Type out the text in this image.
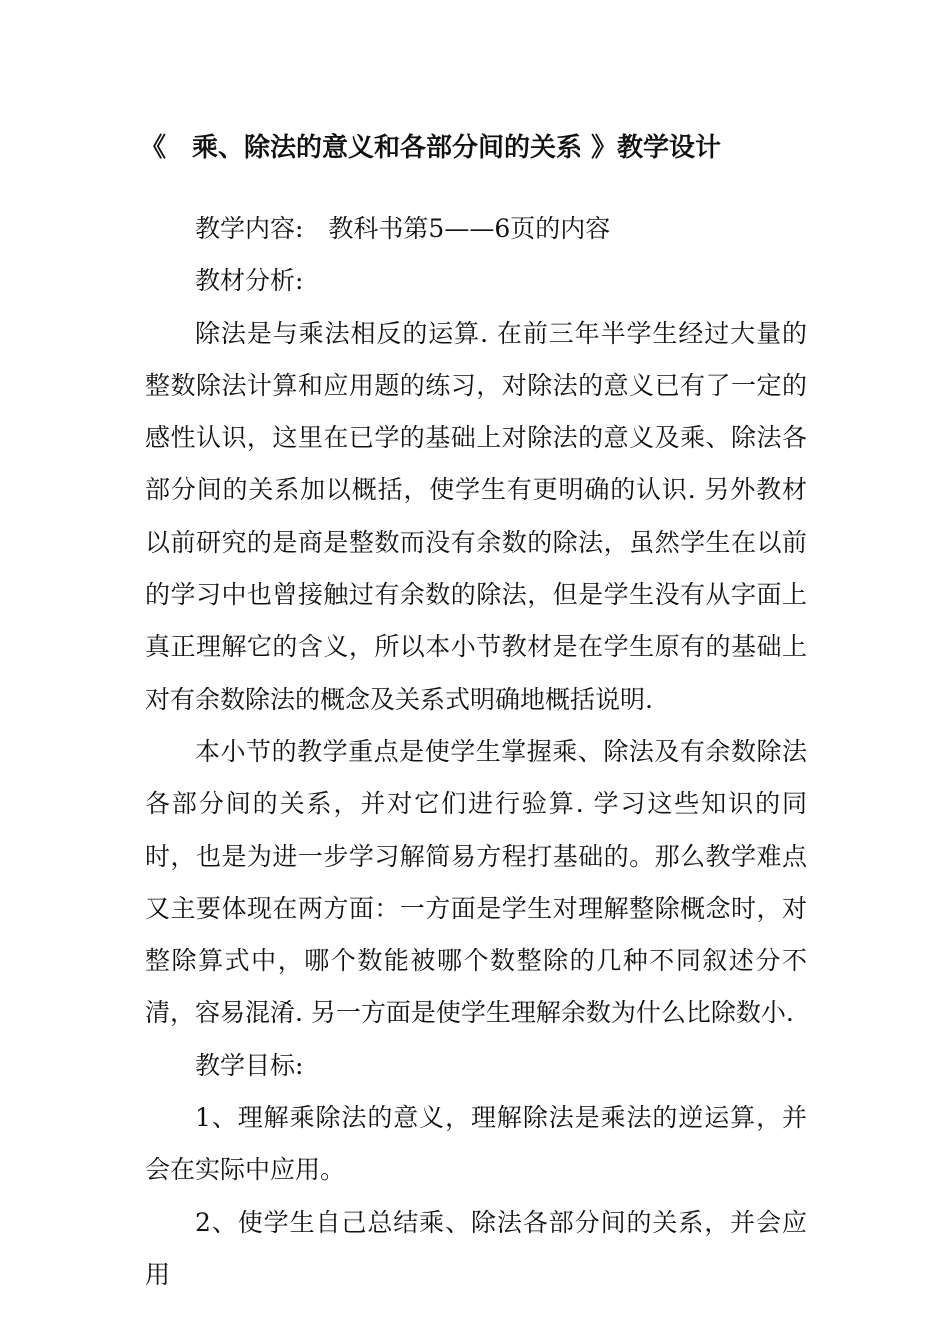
《　乘、除法的意义和各部分间的关系 》教学设计

教学内容:　教科书第5——6页的内容

教材分析:

除法是与乘法相反的运算. 在前三年半学生经过大量的整数除法计算和应用题的练习，对除法的意义已有了一定的感性认识，这里在已学的基础上对除法的意义及乘、除法各部分间的关系加以概括，使学生有更明确的认识. 另外教材以前研究的是商是整数而没有余数的除法，虽然学生在以前的学习中也曾接触过有余数的除法，但是学生没有从字面上真正理解它的含义，所以本小节教材是在学生原有的基础上对有余数除法的概念及关系式明确地概括说明.

本小节的教学重点是使学生掌握乘、除法及有余数除法各部分间的关系，并对它们进行验算. 学习这些知识的同时，也是为进一步学习解简易方程打基础的。那么教学难点又主要体现在两方面：一方面是学生对理解整除概念时，对整除算式中，哪个数能被哪个数整除的几种不同叙述分不清，容易混淆. 另一方面是使学生理解余数为什么比除数小.

教学目标:

1、理解乘除法的意义，理解除法是乘法的逆运算，并会在实际中应用。

2、使学生自己总结乘、除法各部分间的关系，并会应用
